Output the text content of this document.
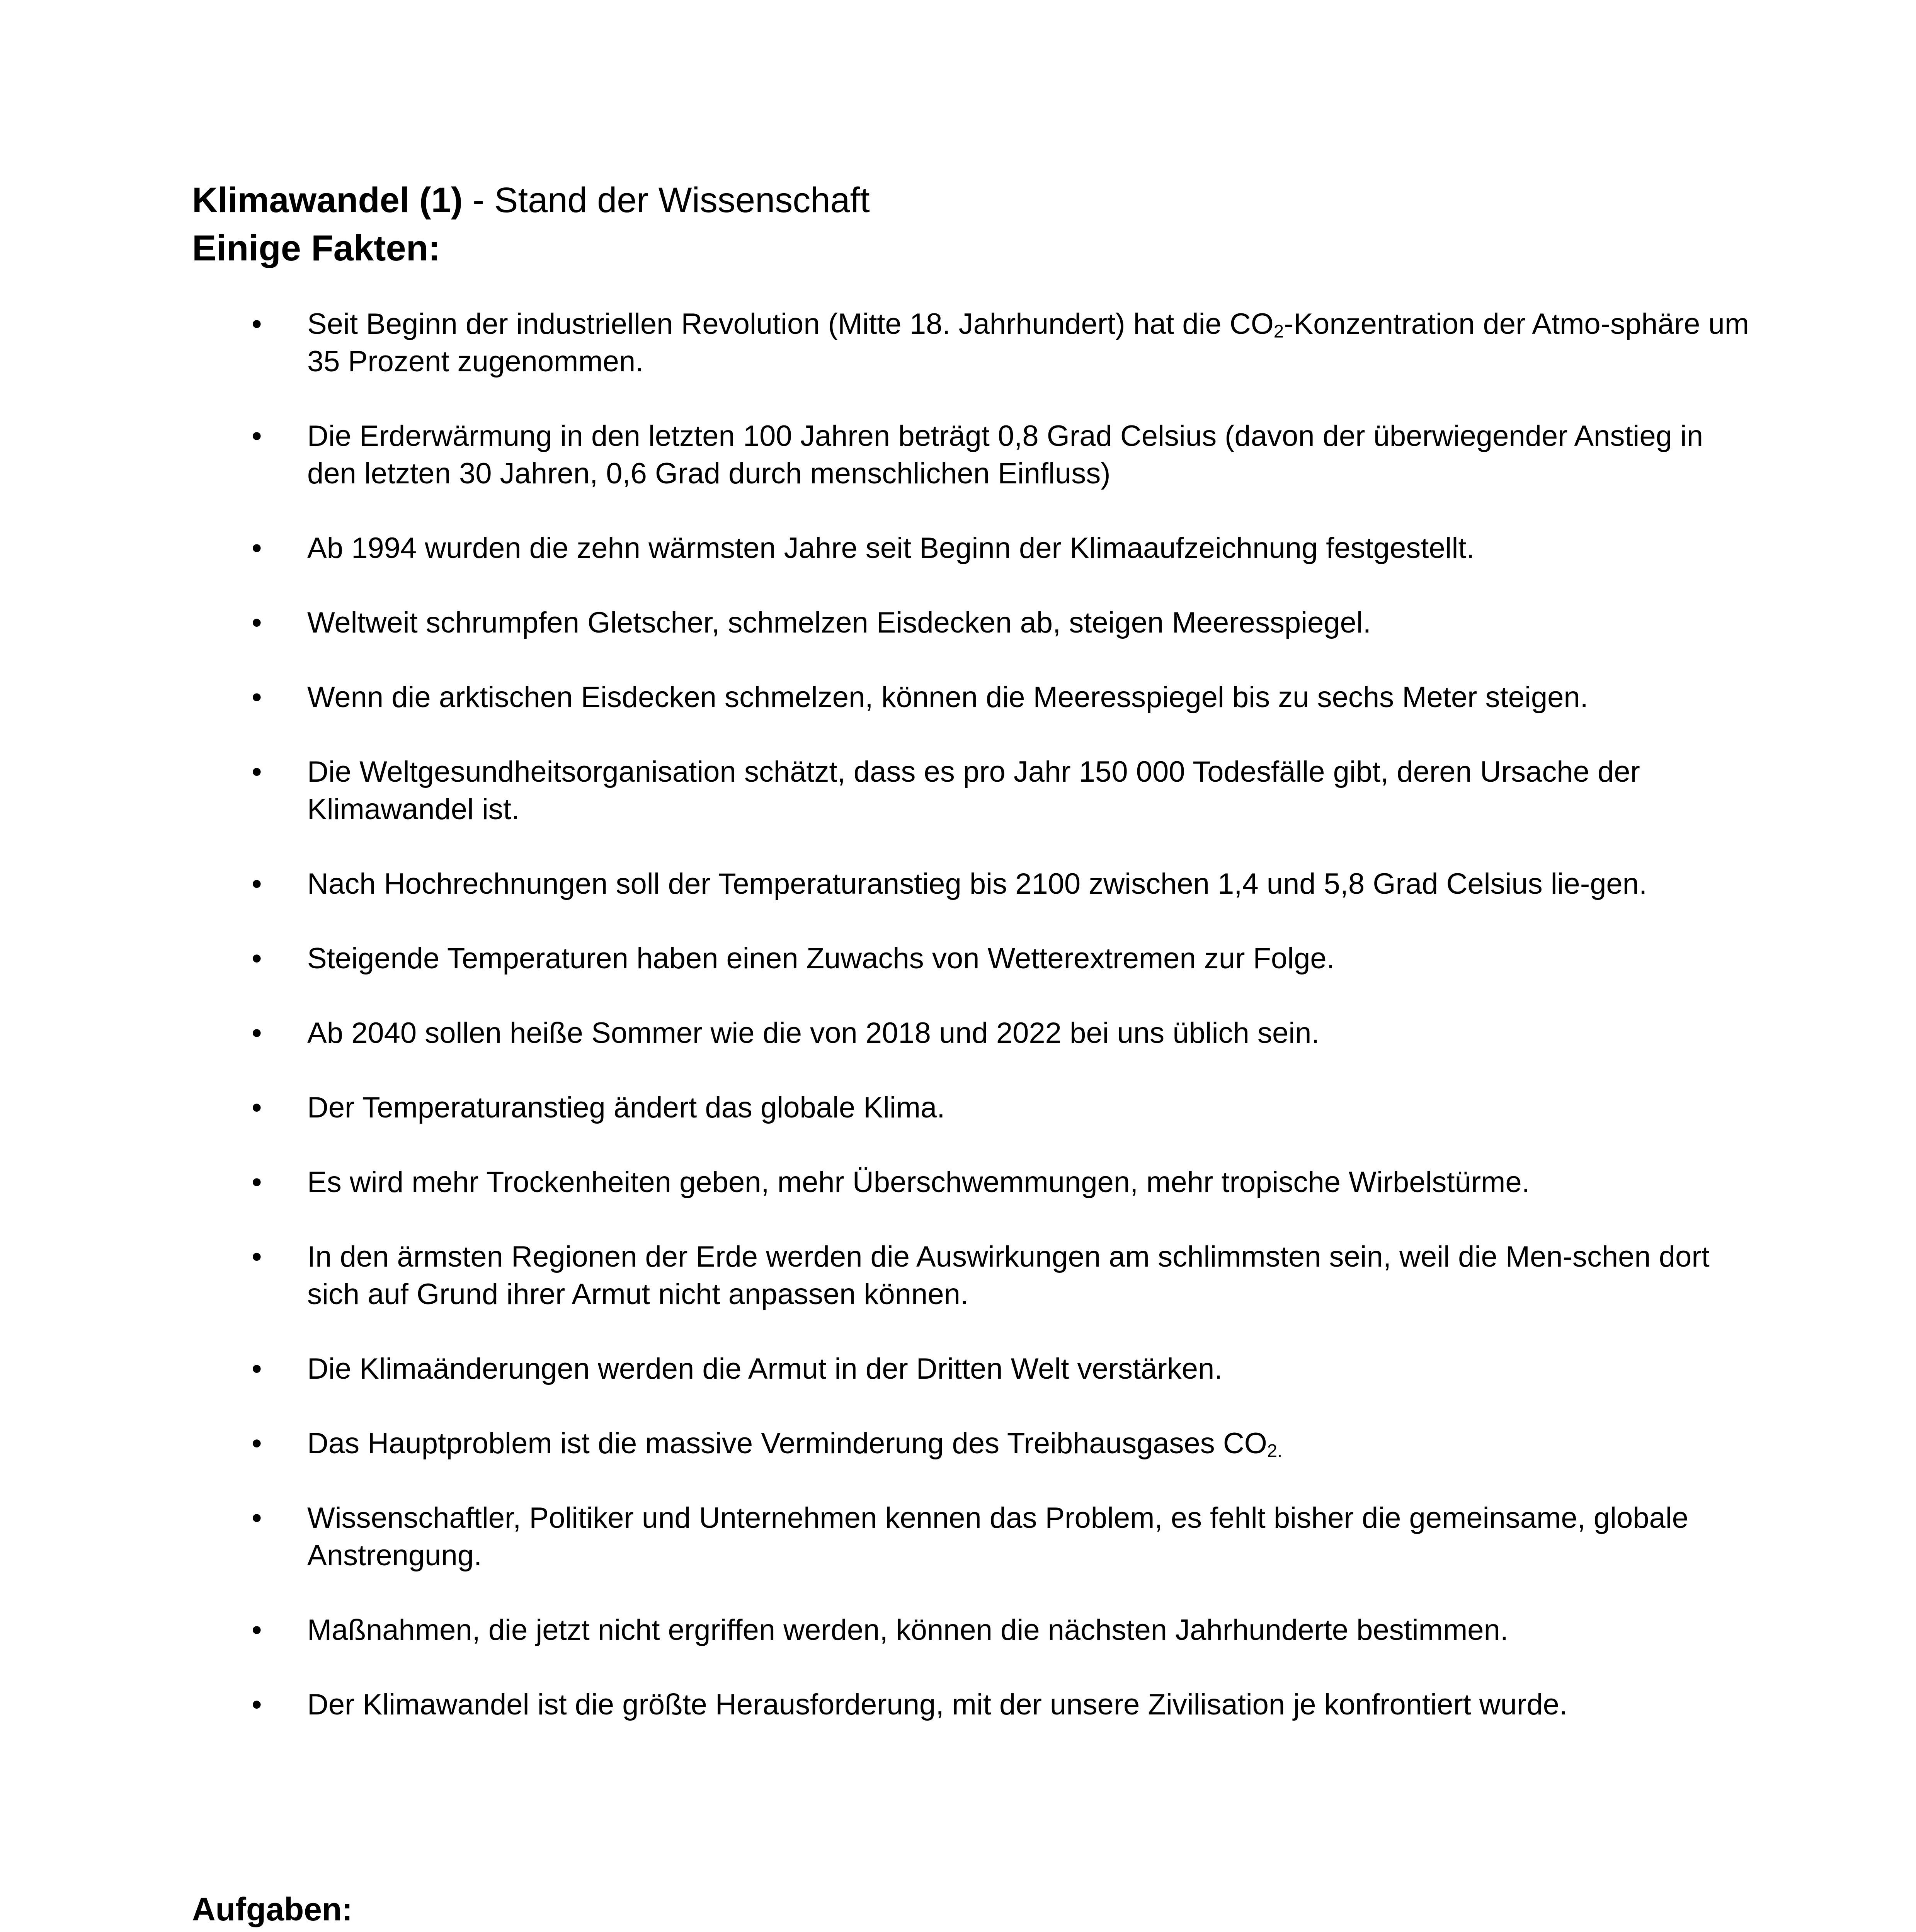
Klimawandel (1) - Stand der Wissenschaft
Einige Fakten:
• Seit Beginn der industriellen Revolution (Mitte 18. Jahrhundert) hat die $CO_2$-Konzentration der Atmo-sphäre um 35 Prozent zugenommen.
• Die Erderwärmung in den letzten 100 Jahren beträgt 0,8 Grad Celsius (davon der überwiegender Anstieg in den letzten 30 Jahren, 0,6 Grad durch menschlichen Einfluss)
• Ab 1994 wurden die zehn wärmsten Jahre seit Beginn der Klimaaufzeichnung festgestellt.
• Weltweit schrumpfen Gletscher, schmelzen Eisdecken ab, steigen Meeresspiegel.
• Wenn die arktischen Eisdecken schmelzen, können die Meeresspiegel bis zu sechs Meter steigen.
• Die Weltgesundheitsorganisation schätzt, dass es pro Jahr 150 000 Todesfälle gibt, deren Ursache der Klimawandel ist.
• Nach Hochrechnungen soll der Temperaturanstieg bis 2100 zwischen 1,4 und 5,8 Grad Celsius lie-gen.
• Steigende Temperaturen haben einen Zuwachs von Wetterextremen zur Folge.
• Ab 2040 sollen heiße Sommer wie die von 2018 und 2022 bei uns üblich sein.
• Der Temperaturanstieg ändert das globale Klima.
• Es wird mehr Trockenheiten geben, mehr Überschwemmungen, mehr tropische Wirbelstürme.
• In den ärmsten Regionen der Erde werden die Auswirkungen am schlimmsten sein, weil die Men-schen dort sich auf Grund ihrer Armut nicht anpassen können.
• Die Klimaänderungen werden die Armut in der Dritten Welt verstärken.
• Das Hauptproblem ist die massive Verminderung des Treibhausgases $CO_{2.}$
• Wissenschaftler, Politiker und Unternehmen kennen das Problem, es fehlt bisher die gemeinsame, globale Anstrengung.
• Maßnahmen, die jetzt nicht ergriffen werden, können die nächsten Jahrhunderte bestimmen.
• Der Klimawandel ist die größte Herausforderung, mit der unsere Zivilisation je konfrontiert wurde.
Aufgaben:
